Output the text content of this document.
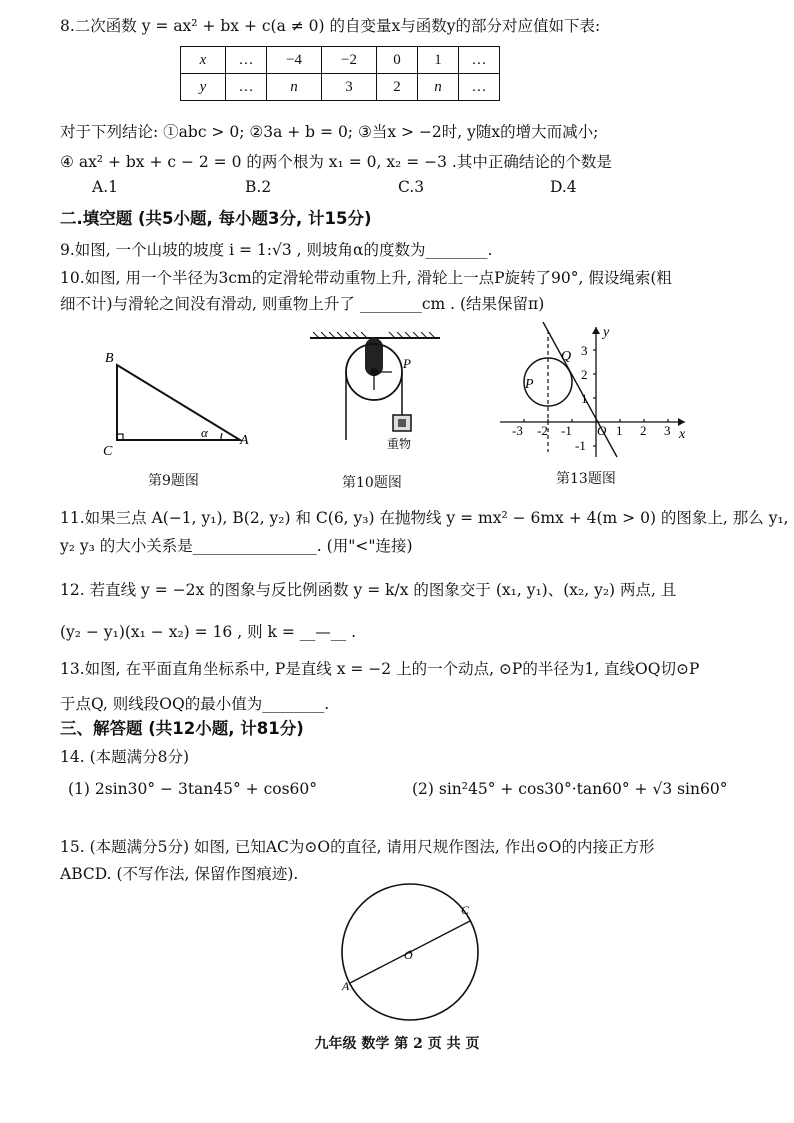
8.二次函数 y = ax² + bx + c(a ≠ 0) 的自变量x与函数y的部分对应值如下表:
x	…	−4	−2	0	1	…
y	…	n	3	2	n	…
对于下列结论: ①abc > 0; ②3a + b = 0; ③当x > −2时, y随x的增大而减小;
④ ax² + bx + c − 2 = 0 的两个根为 x₁ = 0, x₂ = −3 .其中正确结论的个数是
A.1	B.2	C.3	D.4
二.填空题 (共5小题, 每小题3分, 计15分)
9.如图, 一个山坡的坡度 i = 1:√3 , 则坡角α的度数为________.
10.如图, 用一个半径为3cm的定滑轮带动重物上升, 滑轮上一点P旋转了90°, 假设绳索(粗
细不计)与滑轮之间没有滑动, 则重物上升了 ________cm . (结果保留π)
B
C
A
α
第9题图
P
重物
第10题图
-3 -2 -1	1 2 3
3
2
1
-1
y
x
P
Q
O
第13题图
11.如果三点 A(−1, y₁), B(2, y₂) 和 C(6, y₃) 在抛物线 y = mx² − 6mx + 4(m > 0) 的图象上, 那么 y₁,
y₂ y₃ 的大小关系是________________. (用"<"连接)
12. 若直线 y = −2x 的图象与反比例函数 y = k/x 的图象交于 (x₁, y₁)、(x₂, y₂) 两点, 且
(y₂ − y₁)(x₁ − x₂) = 16 , 则 k = __—__ .
13.如图, 在平面直角坐标系中, P是直线 x = −2 上的一个动点, ⊙P的半径为1, 直线OQ切⊙P
于点Q, 则线段OQ的最小值为________.
三、解答题 (共12小题, 计81分)
14. (本题满分8分)
(1) 2sin30° − 3tan45° + cos60°	(2) sin²45° + cos30°·tan60° + √3 sin60°
15. (本题满分5分) 如图, 已知AC为⊙O的直径, 请用尺规作图法, 作出⊙O的内接正方形
ABCD. (不写作法, 保留作图痕迹).
C
O
A
九年级 数学 第 2 页 共 页
